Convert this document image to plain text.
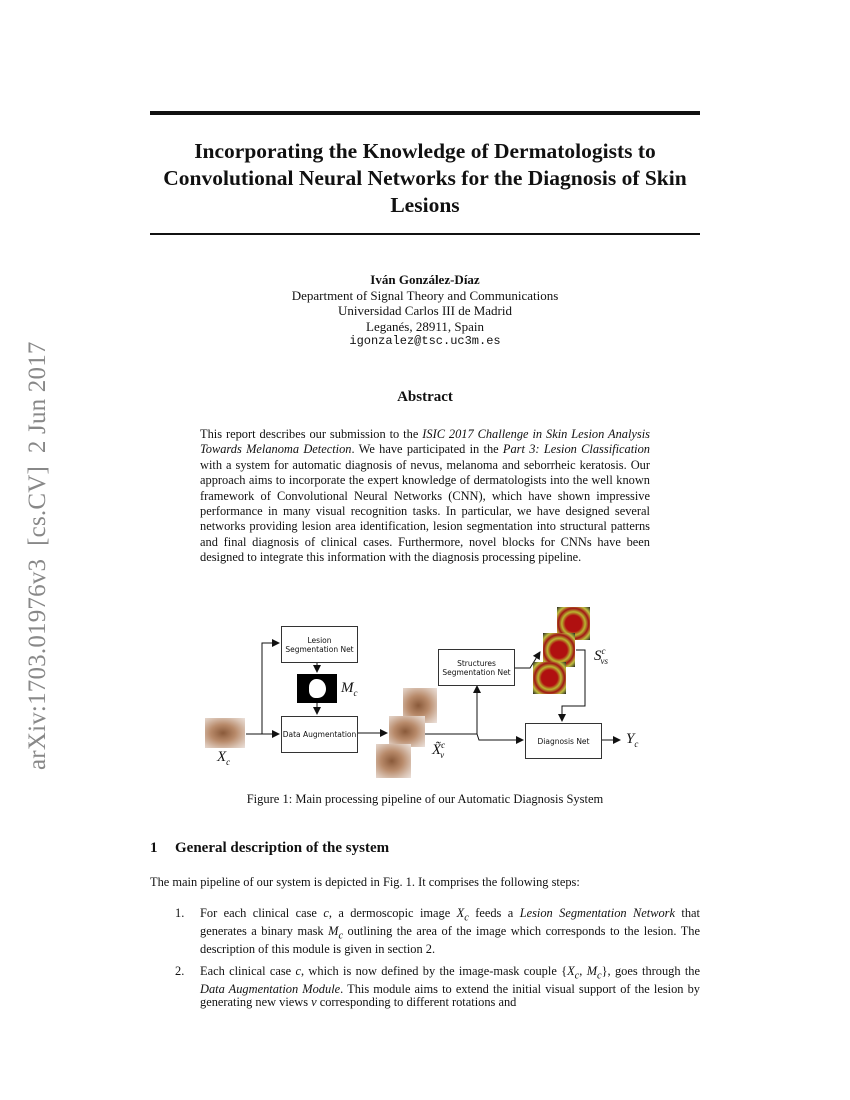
arXiv:1703.01976v3  [cs.CV]  2 Jun 2017
Incorporating the Knowledge of Dermatologists to Convolutional Neural Networks for the Diagnosis of Skin Lesions
Iván González-Díaz
Department of Signal Theory and Communications
Universidad Carlos III de Madrid
Leganés, 28911, Spain
igonzalez@tsc.uc3m.es
Abstract
This report describes our submission to the ISIC 2017 Challenge in Skin Lesion Analysis Towards Melanoma Detection. We have participated in the Part 3: Lesion Classification with a system for automatic diagnosis of nevus, melanoma and seborrheic keratosis. Our approach aims to incorporate the expert knowledge of dermatologists into the well known framework of Convolutional Neural Networks (CNN), which have shown impressive performance in many visual recognition tasks. In particular, we have designed several networks providing lesion area identification, lesion segmentation into structural patterns and final diagnosis of clinical cases. Furthermore, novel blocks for CNNs have been designed to integrate this information with the diagnosis processing pipeline.
$X_c$
Lesion Segmentation Net
$M_c$
Data Augmentation
X̃$^c_v$
Structures Segmentation Net
$S^c_{vs}$
Diagnosis Net	$Y_c$
Figure 1: Main processing pipeline of our Automatic Diagnosis System
1 General description of the system
The main pipeline of our system is depicted in Fig. 1. It comprises the following steps:
1. For each clinical case c, a dermoscopic image $X_c$ feeds a Lesion Segmentation Network that generates a binary mask $M_c$ outlining the area of the image which corresponds to the lesion. The description of this module is given in section 2.
2. Each clinical case c, which is now defined by the image-mask couple {$X_c$, $M_c$}, goes through the Data Augmentation Module. This module aims to extend the initial visual support of the lesion by generating new views v corresponding to different rotations and
